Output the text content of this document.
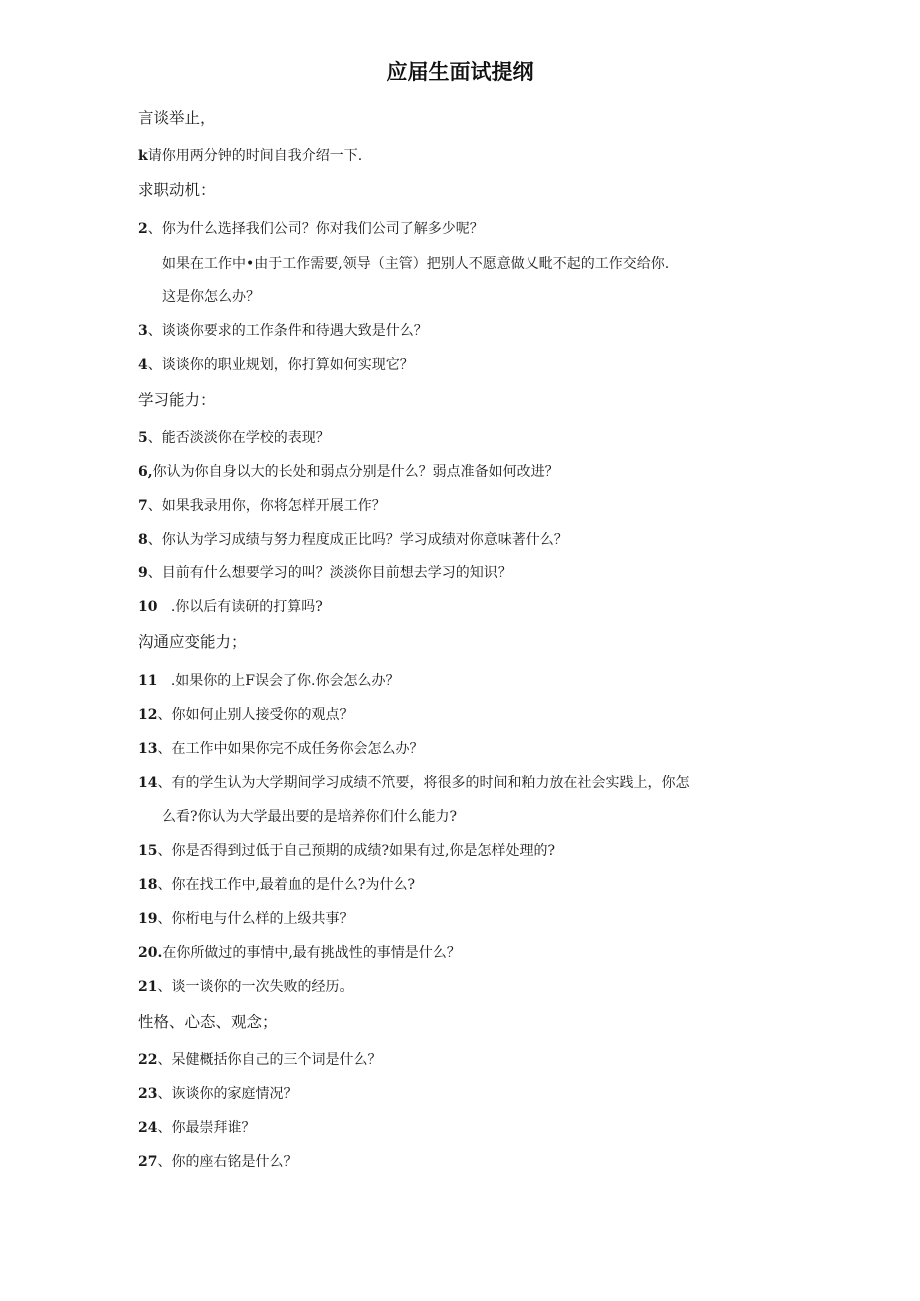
应届生面试提纲
言谈举止，
k请你用两分钟的时间自我介绍一下.
求职动机：
2、你为什么选择我们公司？你对我们公司了解多少呢？
如果在工作中•由于工作需要,领导（主管）把别人不愿意做乂毗不起的工作交给你.
这是你怎么办？
3、谈谈你要求的工作条件和待遇大致是什么？
4、谈谈你的职业规划，你打算如何实现它？
学习能力：
5、能否淡淡你在学校的表现？
6,你认为你自身以大的长处和弱点分别是什么？弱点准备如何改进？
7、如果我录用你，你将怎样开展工作？
8、你认为学习成绩与努力程度成正比吗？学习成绩对你意味著什么？
9、目前有什么想要学习的叫？淡淡你目前想去学习的知识？
10   .你以后有读研的打算吗?
沟通应变能力；
11   .如果你的上F误会了你.你会怎么办？
12、你如何止别人接受你的观点？
13、在工作中如果你完不成任务你会怎么办？
14、有的学生认为大学期间学习成绩不笊要，将很多的时间和粕力放在社会实践上，你怎
么看?你认为大学最出要的是培养你们什么能力?
15、你是否得到过低于自己预期的成绩?如果有过,你是怎样处理的?
18、你在找工作中,最着血的是什么?为什么?
19、你桁电与什么样的上级共事？
20.在你所做过的事情中,最有挑战性的事情是什么？
21、谈一谈你的一次失败的经历。
性格、心态、观念；
22、呆健概括你自己的三个词是什么？
23、诙谈你的家庭情况？
24、你最崇拜谁？
27、你的座右铭是什么？
